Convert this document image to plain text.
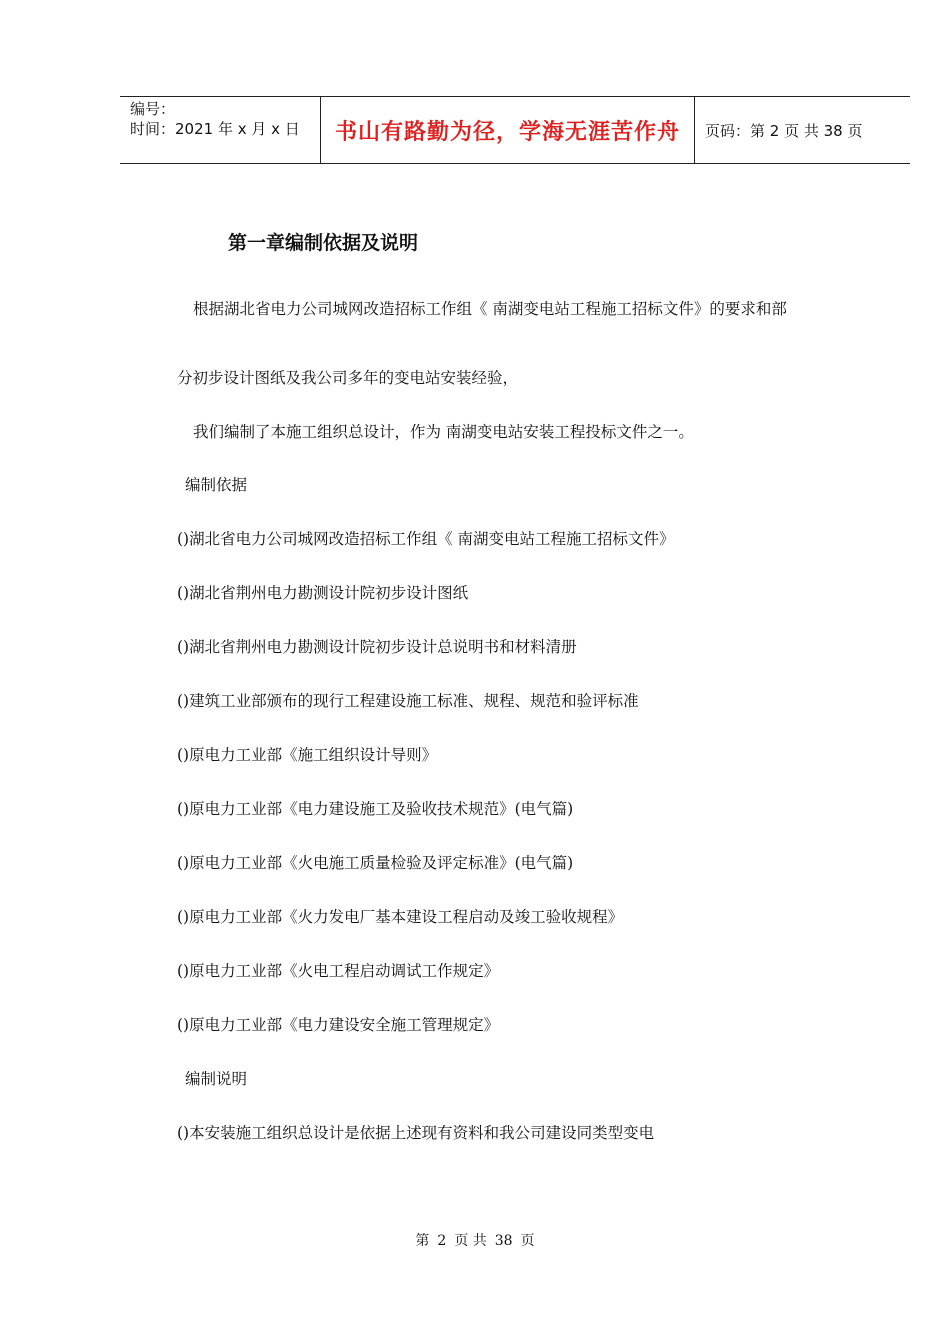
编号：
时间：2021 年 x 月 x 日	书山有路勤为径，学海无涯苦作舟 页码：第 2 页 共 38 页
第一章编制依据及说明
根据湖北省电力公司城网改造招标工作组《 南湖变电站工程施工招标文件》的要求和部
分初步设计图纸及我公司多年的变电站安装经验，
我们编制了本施工组织总设计，作为 南湖变电站安装工程投标文件之一。
编制依据
()湖北省电力公司城网改造招标工作组《 南湖变电站工程施工招标文件》
()湖北省荆州电力勘测设计院初步设计图纸
()湖北省荆州电力勘测设计院初步设计总说明书和材料清册
()建筑工业部颁布的现行工程建设施工标准、规程、规范和验评标准
()原电力工业部《施工组织设计导则》
()原电力工业部《电力建设施工及验收技术规范》(电气篇)
()原电力工业部《火电施工质量检验及评定标准》(电气篇)
()原电力工业部《火力发电厂基本建设工程启动及竣工验收规程》
()原电力工业部《火电工程启动调试工作规定》
()原电力工业部《电力建设安全施工管理规定》
编制说明
()本安装施工组织总设计是依据上述现有资料和我公司建设同类型变电
第 2 页 共 38 页
